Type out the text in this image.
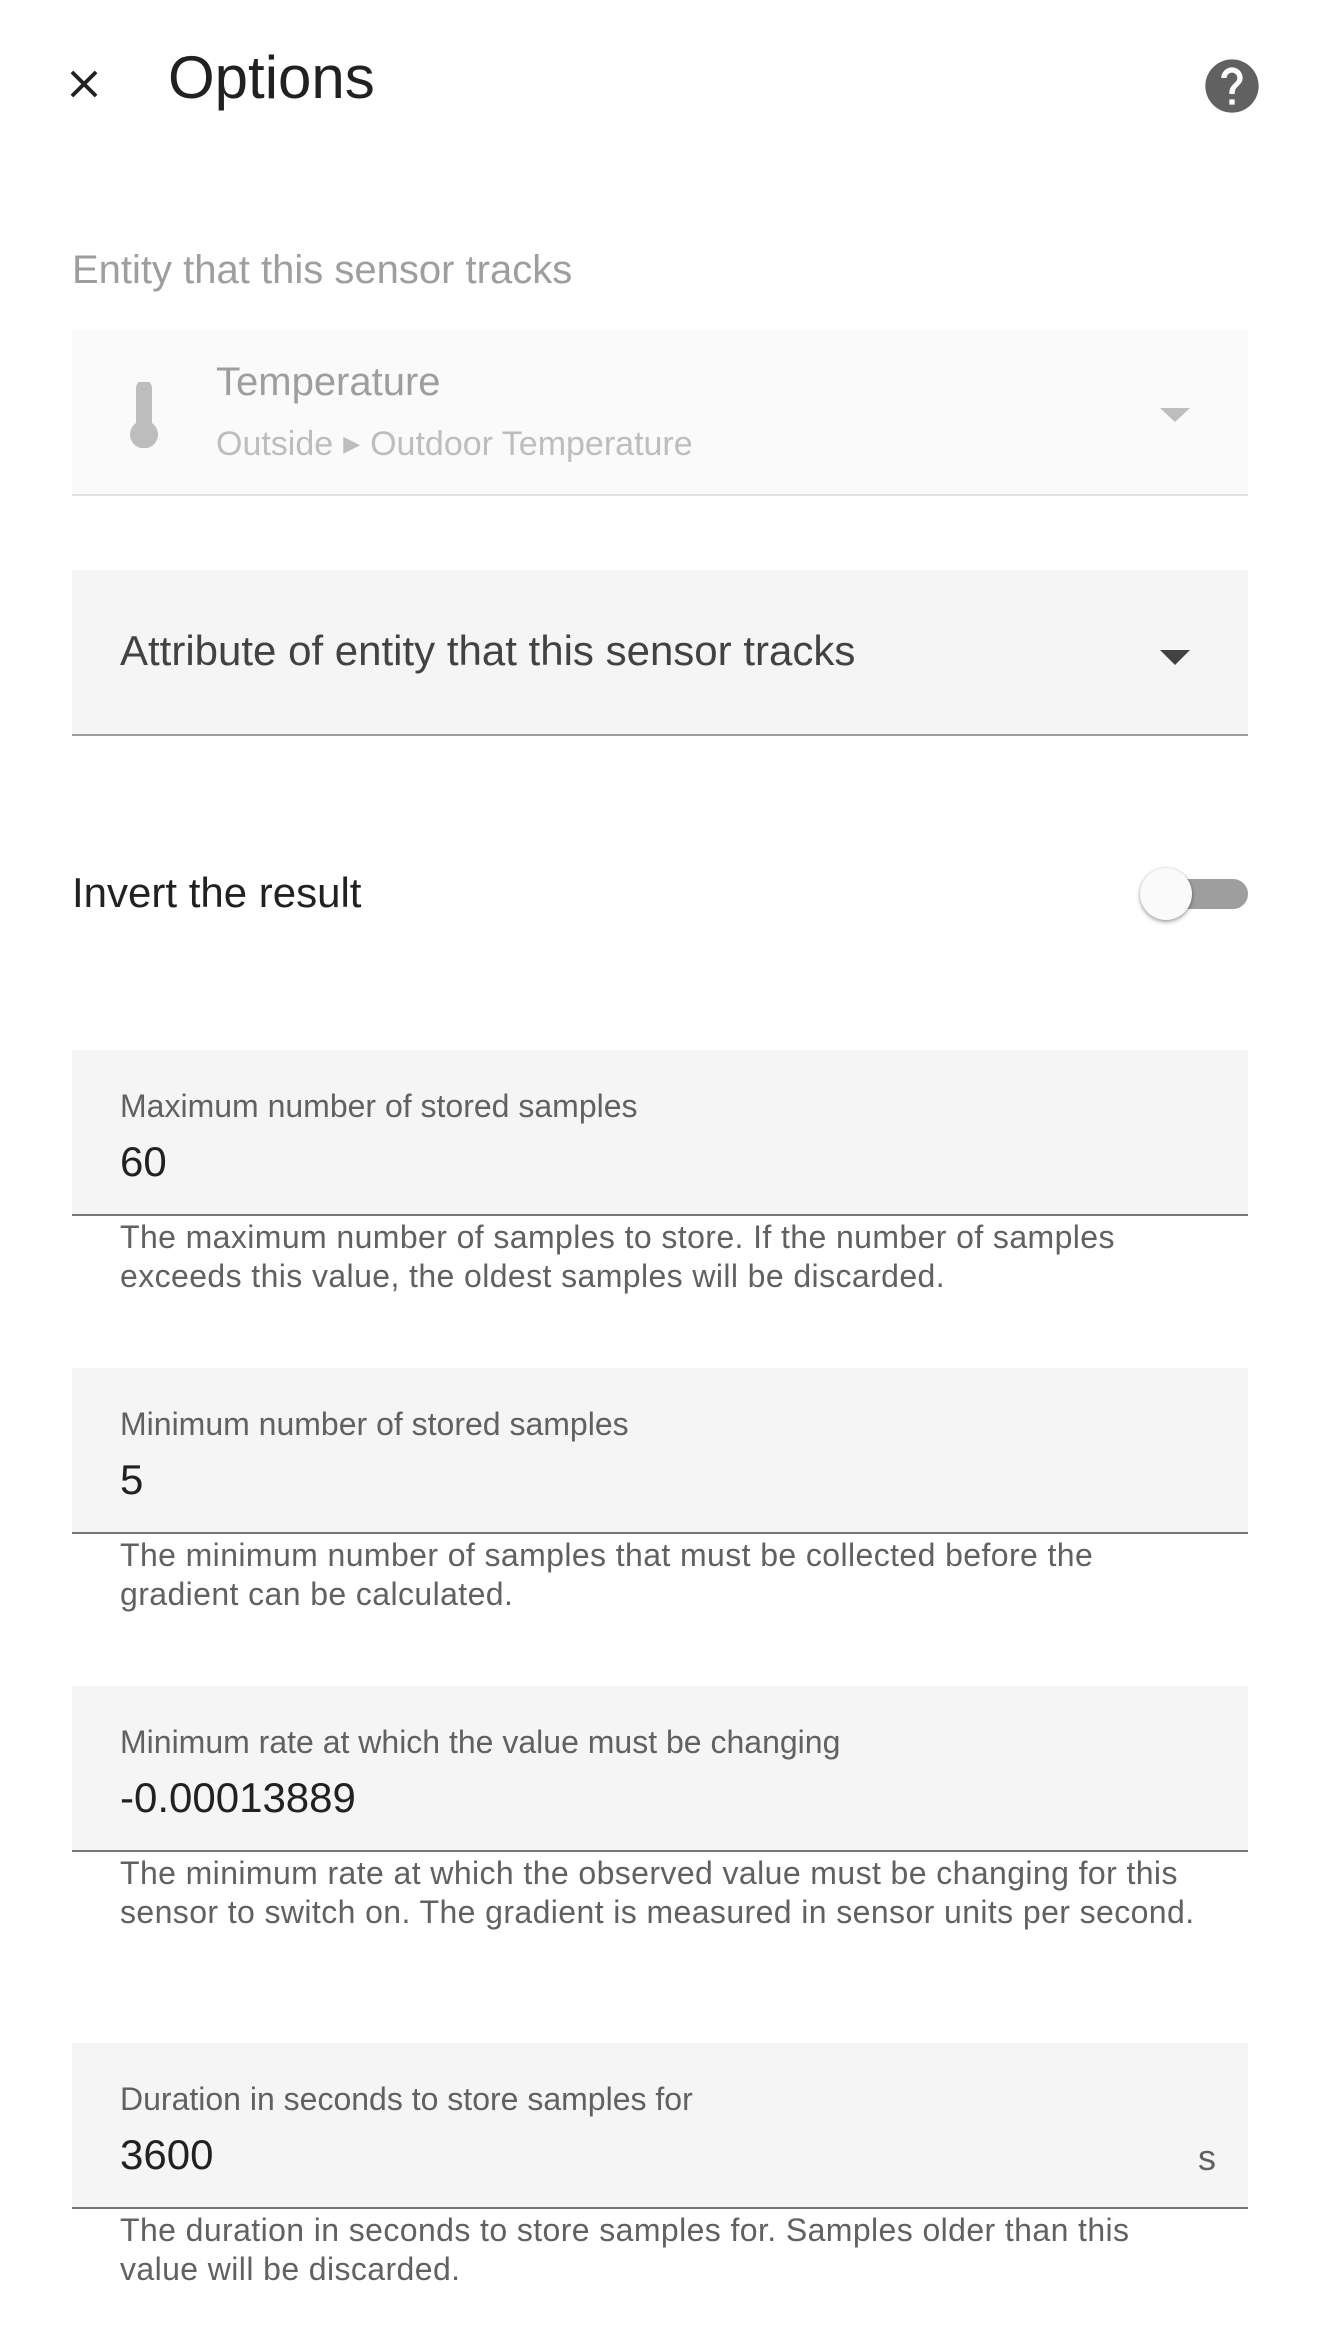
Options
Entity that this sensor tracks
Temperature
Outside ▶ Outdoor Temperature
Attribute of entity that this sensor tracks
Invert the result
Maximum number of stored samples
60
The maximum number of samples to store. If the number of samples exceeds this value, the oldest samples will be discarded.
Minimum number of stored samples
5
The minimum number of samples that must be collected before the gradient can be calculated.
Minimum rate at which the value must be changing
-0.00013889
The minimum rate at which the observed value must be changing for this sensor to switch on. The gradient is measured in sensor units per second.
Duration in seconds to store samples for
3600
s
The duration in seconds to store samples for. Samples older than this value will be discarded.
